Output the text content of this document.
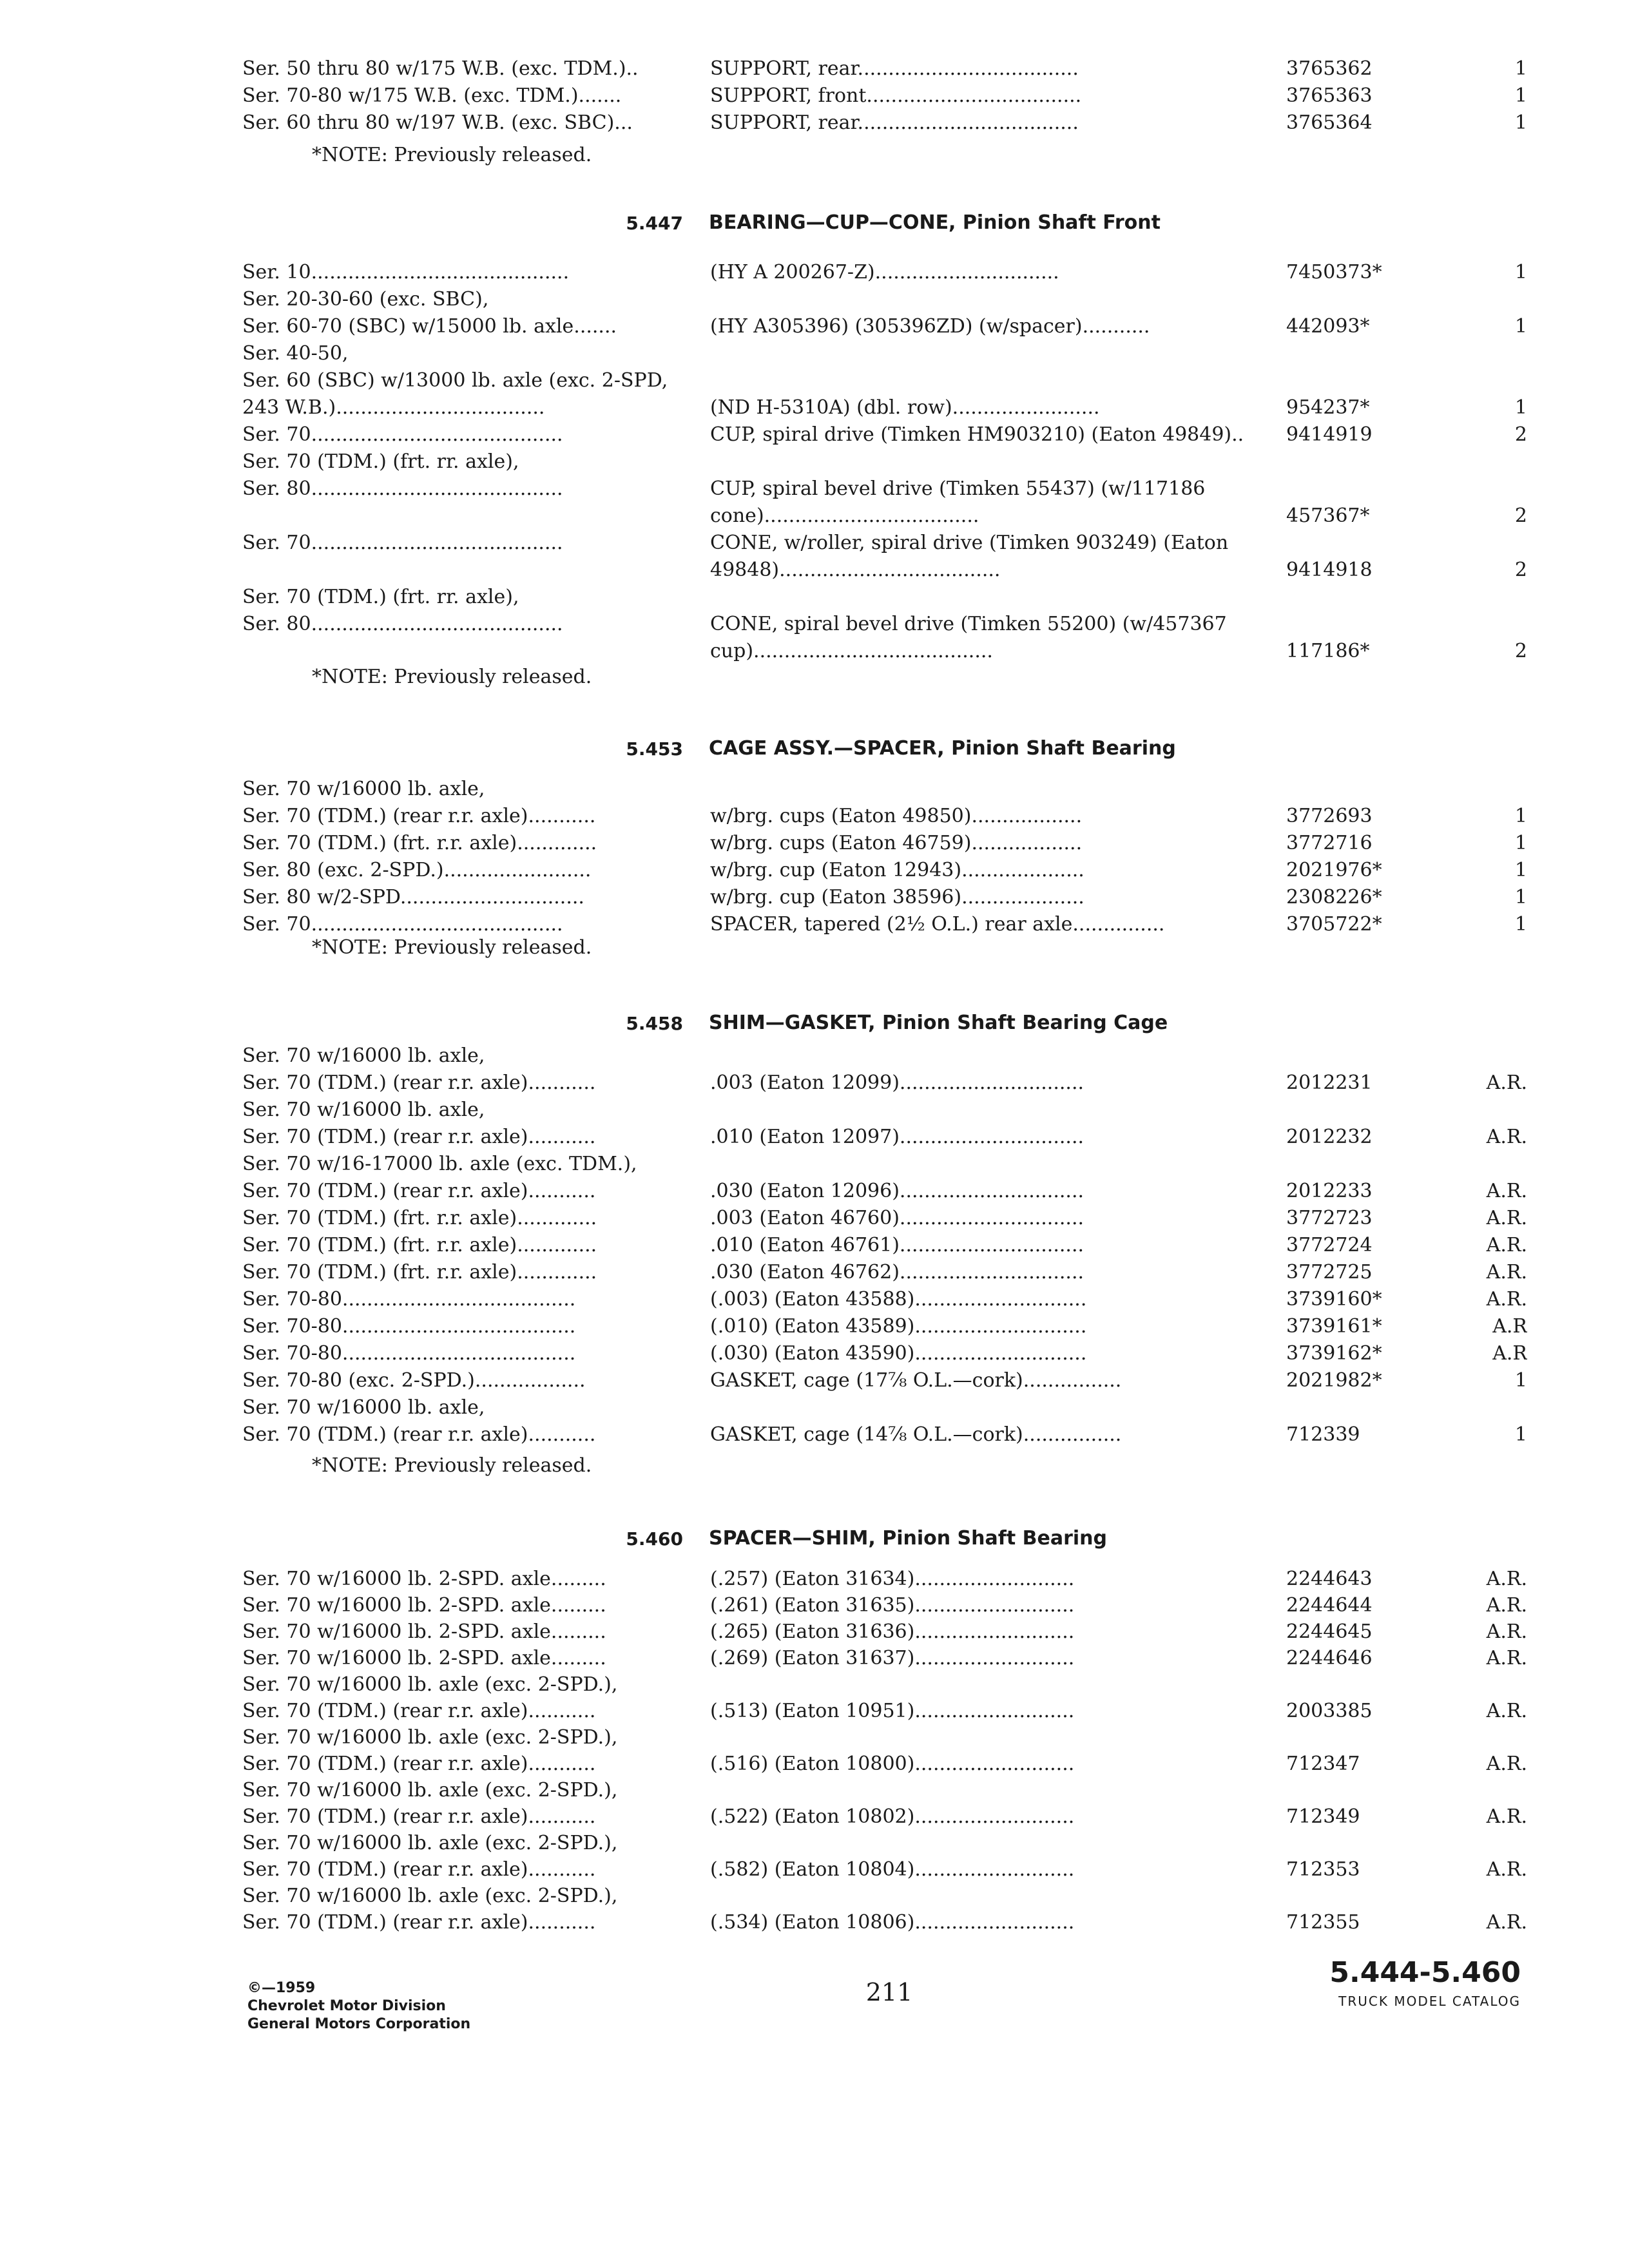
Ser. 50 thru 80 w/175 W.B. (exc. TDM.)..	SUPPORT, rear....................................	3765362	1
Ser. 70-80 w/175 W.B. (exc. TDM.).......	SUPPORT, front...................................	3765363	1
Ser. 60 thru 80 w/197 W.B. (exc. SBC)...	SUPPORT, rear....................................	3765364	1
*NOTE: Previously released.
5.447 BEARING—CUP—CONE, Pinion Shaft Front
Ser. 10..........................................	(HY A 200267-Z)..............................	7450373*	1
Ser. 20-30-60 (exc. SBC),
Ser. 60-70 (SBC) w/15000 lb. axle.......	(HY A305396) (305396ZD) (w/spacer)...........	442093*	1
Ser. 40-50,
Ser. 60 (SBC) w/13000 lb. axle (exc. 2-SPD,
243 W.B.)..................................	(ND H-5310A) (dbl. row)........................	954237*	1
Ser. 70.........................................	CUP, spiral drive (Timken HM903210) (Eaton 49849)..	9414919	2
Ser. 70 (TDM.) (frt. rr. axle),
Ser. 80.........................................	CUP, spiral bevel drive (Timken 55437) (w/117186
cone)...................................	457367*	2
Ser. 70.........................................	CONE, w/roller, spiral drive (Timken 903249) (Eaton
49848)....................................	9414918	2
Ser. 70 (TDM.) (frt. rr. axle),
Ser. 80.........................................	CONE, spiral bevel drive (Timken 55200) (w/457367
cup).......................................	117186*	2
*NOTE: Previously released.
5.453 CAGE ASSY.—SPACER, Pinion Shaft Bearing
Ser. 70 w/16000 lb. axle,
Ser. 70 (TDM.) (rear r.r. axle)...........	w/brg. cups (Eaton 49850)..................	3772693	1
Ser. 70 (TDM.) (frt. r.r. axle).............	w/brg. cups (Eaton 46759)..................	3772716	1
Ser. 80 (exc. 2-SPD.)........................	w/brg. cup (Eaton 12943)....................	2021976*	1
Ser. 80 w/2-SPD..............................	w/brg. cup (Eaton 38596)....................	2308226*	1
Ser. 70.........................................	SPACER, tapered (2½ O.L.) rear axle...............	3705722*	1
*NOTE: Previously released.
5.458 SHIM—GASKET, Pinion Shaft Bearing Cage
Ser. 70 w/16000 lb. axle,
Ser. 70 (TDM.) (rear r.r. axle)...........	.003 (Eaton 12099)..............................	2012231	A.R.
Ser. 70 w/16000 lb. axle,
Ser. 70 (TDM.) (rear r.r. axle)...........	.010 (Eaton 12097)..............................	2012232	A.R.
Ser. 70 w/16-17000 lb. axle (exc. TDM.),
Ser. 70 (TDM.) (rear r.r. axle)...........	.030 (Eaton 12096)..............................	2012233	A.R.
Ser. 70 (TDM.) (frt. r.r. axle).............	.003 (Eaton 46760)..............................	3772723	A.R.
Ser. 70 (TDM.) (frt. r.r. axle).............	.010 (Eaton 46761)..............................	3772724	A.R.
Ser. 70 (TDM.) (frt. r.r. axle).............	.030 (Eaton 46762)..............................	3772725	A.R.
Ser. 70-80......................................	(.003) (Eaton 43588)............................	3739160*	A.R.
Ser. 70-80......................................	(.010) (Eaton 43589)............................	3739161*	A.R
Ser. 70-80......................................	(.030) (Eaton 43590)............................	3739162*	A.R
Ser. 70-80 (exc. 2-SPD.)..................	GASKET, cage (17⅞ O.L.—cork)................	2021982*	1
Ser. 70 w/16000 lb. axle,
Ser. 70 (TDM.) (rear r.r. axle)...........	GASKET, cage (14⅞ O.L.—cork)................	712339	1
*NOTE: Previously released.
5.460 SPACER—SHIM, Pinion Shaft Bearing
Ser. 70 w/16000 lb. 2-SPD. axle.........	(.257) (Eaton 31634)..........................	2244643	A.R.
Ser. 70 w/16000 lb. 2-SPD. axle.........	(.261) (Eaton 31635)..........................	2244644	A.R.
Ser. 70 w/16000 lb. 2-SPD. axle.........	(.265) (Eaton 31636)..........................	2244645	A.R.
Ser. 70 w/16000 lb. 2-SPD. axle.........	(.269) (Eaton 31637)..........................	2244646	A.R.
Ser. 70 w/16000 lb. axle (exc. 2-SPD.),
Ser. 70 (TDM.) (rear r.r. axle)...........	(.513) (Eaton 10951)..........................	2003385	A.R.
Ser. 70 w/16000 lb. axle (exc. 2-SPD.),
Ser. 70 (TDM.) (rear r.r. axle)...........	(.516) (Eaton 10800)..........................	712347	A.R.
Ser. 70 w/16000 lb. axle (exc. 2-SPD.),
Ser. 70 (TDM.) (rear r.r. axle)...........	(.522) (Eaton 10802)..........................	712349	A.R.
Ser. 70 w/16000 lb. axle (exc. 2-SPD.),
Ser. 70 (TDM.) (rear r.r. axle)...........	(.582) (Eaton 10804)..........................	712353	A.R.
Ser. 70 w/16000 lb. axle (exc. 2-SPD.),
Ser. 70 (TDM.) (rear r.r. axle)...........	(.534) (Eaton 10806)..........................	712355	A.R.
©—1959
Chevrolet Motor Division
General Motors Corporation
211
5.444-5.460
TRUCK MODEL CATALOG
